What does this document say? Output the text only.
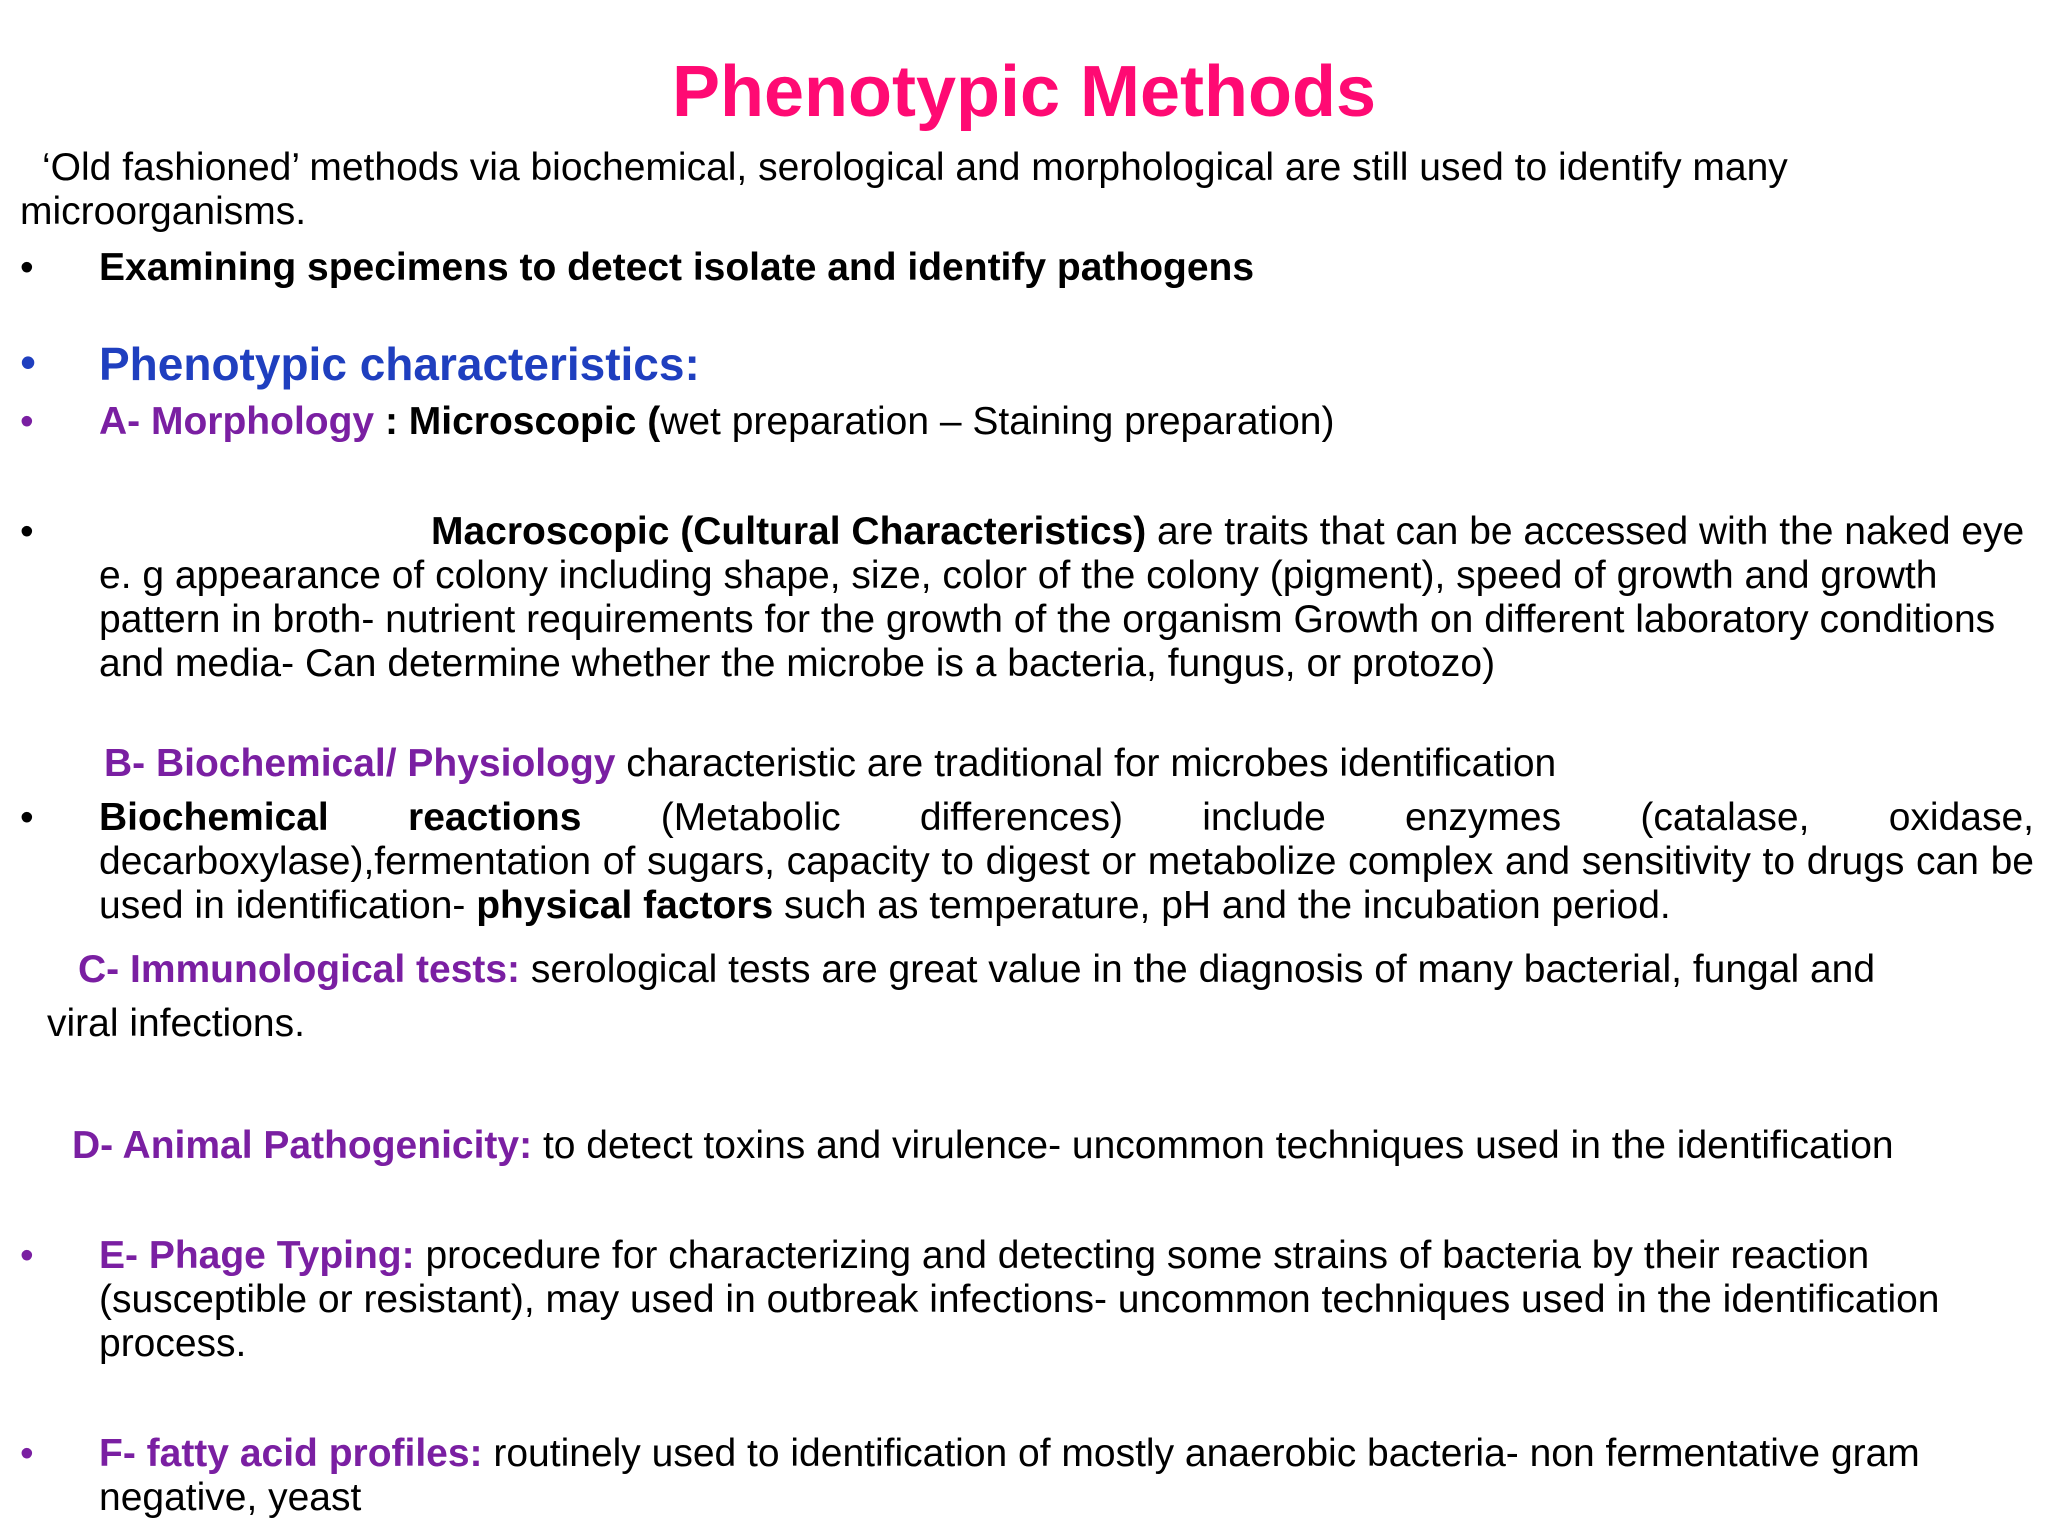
Phenotypic Methods
‘Old fashioned’ methods via biochemical, serological and morphological are still used to identify many microorganisms.
• Examining specimens to detect isolate and identify pathogens
• Phenotypic characteristics:
• A- Morphology : Microscopic (wet preparation – Staining preparation)
•	Macroscopic (Cultural Characteristics) are traits that can be accessed with the naked eye e. g appearance of colony including shape, size, color of the colony (pigment), speed of growth and growth pattern in broth- nutrient requirements for the growth of the organism Growth on different laboratory conditions and media- Can determine whether the microbe is a bacteria, fungus, or protozo)
B- Biochemical/ Physiology characteristic are traditional for microbes identification
• Biochemical reactions (Metabolic differences) include enzymes (catalase, oxidase, decarboxylase),fermentation of sugars, capacity to digest or metabolize complex and sensitivity to drugs can be used in identification- physical factors such as temperature, pH and the incubation period.
C- Immunological tests: serological tests are great value in the diagnosis of many bacterial, fungal and
viral infections.
D- Animal Pathogenicity: to detect toxins and virulence- uncommon techniques used in the identification
• E- Phage Typing: procedure for characterizing and detecting some strains of bacteria by their reaction (susceptible or resistant), may used in outbreak infections- uncommon techniques used in the identification process.
• F- fatty acid profiles: routinely used to identification of mostly anaerobic bacteria- non fermentative gram negative, yeast
